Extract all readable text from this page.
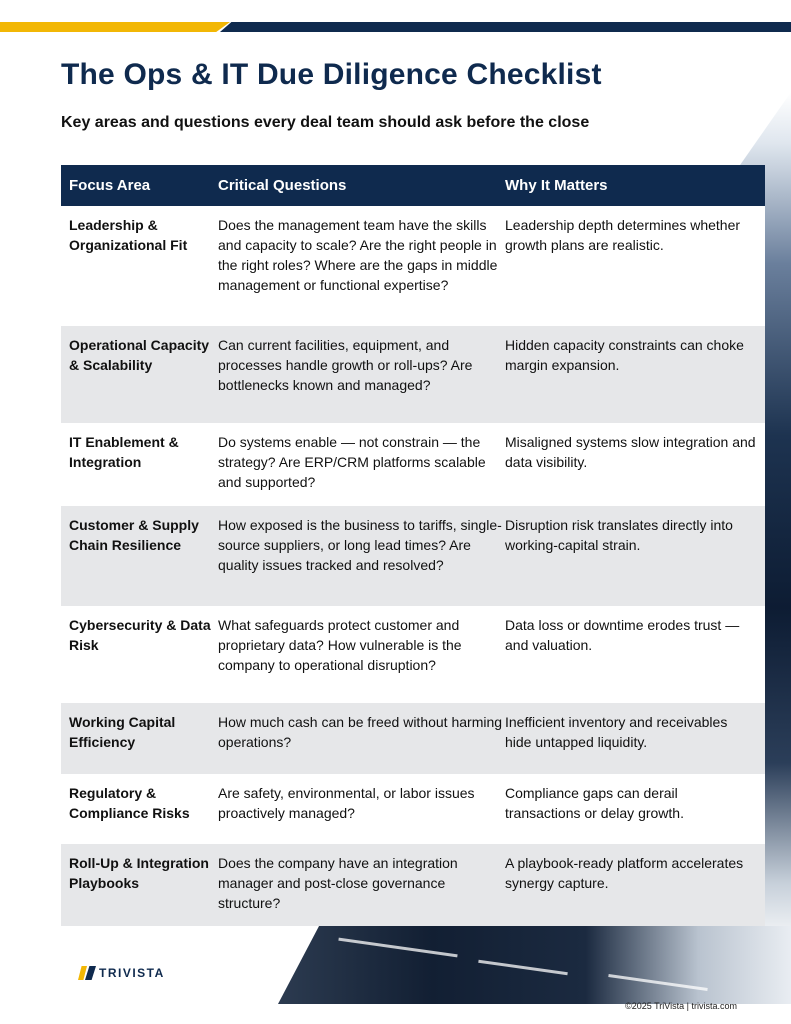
The Ops & IT Due Diligence Checklist

Key areas and questions every deal team should ask before the close

Focus Area	Critical Questions	Why It Matters
Leadership & Organizational Fit
Does the management team have the skills and capacity to scale? Are the right people in the right roles? Where are the gaps in middle management or functional expertise?
Leadership depth determines whether growth plans are realistic.
Operational Capacity & Scalability
Can current facilities, equipment, and processes handle growth or roll-ups? Are bottlenecks known and managed?
Hidden capacity constraints can choke margin expansion.
IT Enablement & Integration
Do systems enable — not constrain — the strategy? Are ERP/CRM platforms scalable and supported?
Misaligned systems slow integration and data visibility.
Customer & Supply Chain Resilience
How exposed is the business to tariffs, single-source suppliers, or long lead times? Are quality issues tracked and resolved?
Disruption risk translates directly into working-capital strain.
Cybersecurity & Data Risk
What safeguards protect customer and proprietary data? How vulnerable is the company to operational disruption?
Data loss or downtime erodes trust — and valuation.
Working Capital Efficiency
How much cash can be freed without harming operations?
Inefficient inventory and receivables hide untapped liquidity.
Regulatory & Compliance Risks
Are safety, environmental, or labor issues proactively managed?
Compliance gaps can derail transactions or delay growth.
Roll-Up & Integration Playbooks
Does the company have an integration manager and post-close governance structure?
A playbook-ready platform accelerates synergy capture.
TRIVISTA
©2025 TriVista | trivista.com
